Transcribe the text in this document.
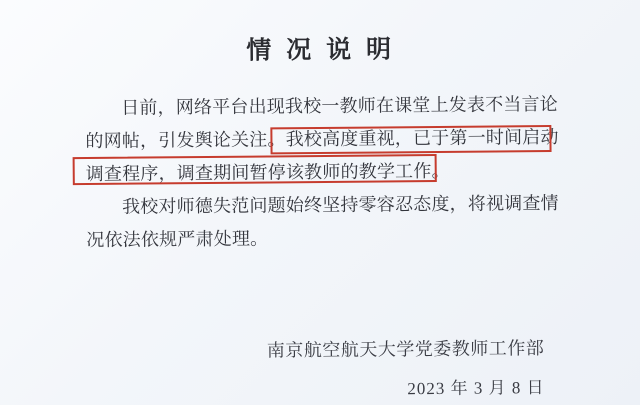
情 况 说 明
日前，网络平台出现我校一教师在课堂上发表不当言论
的网帖，引发舆论关注。我校高度重视，已于第一时间启动
调查程序，调查期间暂停该教师的教学工作。
我校对师德失范问题始终坚持零容忍态度，将视调查情
况依法依规严肃处理。
南京航空航天大学党委教师工作部
2023 年 3 月 8 日
